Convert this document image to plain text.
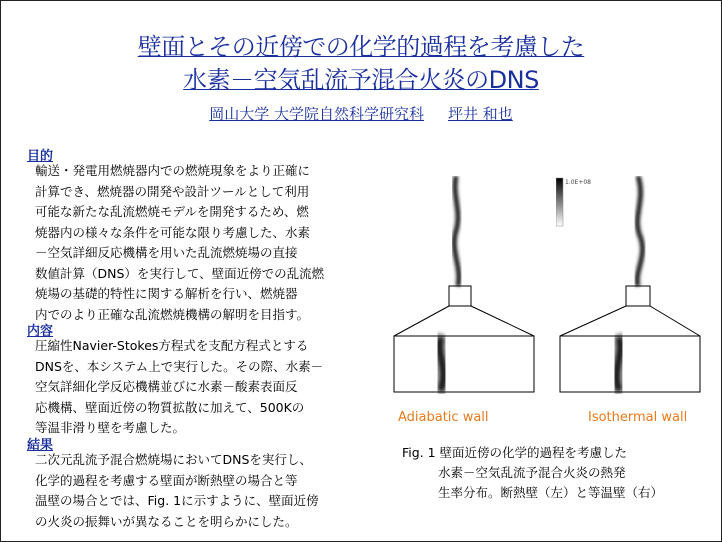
壁面とその近傍での化学的過程を考慮した
水素－空気乱流予混合火炎のDNS
岡山大学 大学院自然科学研究科 坪井 和也
目的
輸送・発電用燃焼器内での燃焼現象をより正確に
計算でき、燃焼器の開発や設計ツールとして利用
可能な新たな乱流燃焼モデルを開発するため、燃
焼器内の様々な条件を可能な限り考慮した、水素
－空気詳細反応機構を用いた乱流燃焼場の直接
数値計算（DNS）を実行して、壁面近傍での乱流燃
焼場の基礎的特性に関する解析を行い、燃焼器
内でのより正確な乱流燃焼機構の解明を目指す。
内容
圧縮性Navier-Stokes方程式を支配方程式とする
DNSを、本システム上で実行した。その際、水素－
空気詳細化学反応機構並びに水素－酸素表面反
応機構、壁面近傍の物質拡散に加えて、500Kの
等温非滑り壁を考慮した。
結果
二次元乱流予混合燃焼場においてDNSを実行し、
化学的過程を考慮する壁面が断熱壁の場合と等
温壁の場合とでは、Fig. 1に示すように、壁面近傍
の火炎の振舞いが異なることを明らかにした。
1.0E+08
Adiabatic wall	Isothermal wall
Fig. 1 壁面近傍の化学的過程を考慮した
水素－空気乱流予混合火炎の熱発
生率分布。断熱壁（左）と等温壁（右）
